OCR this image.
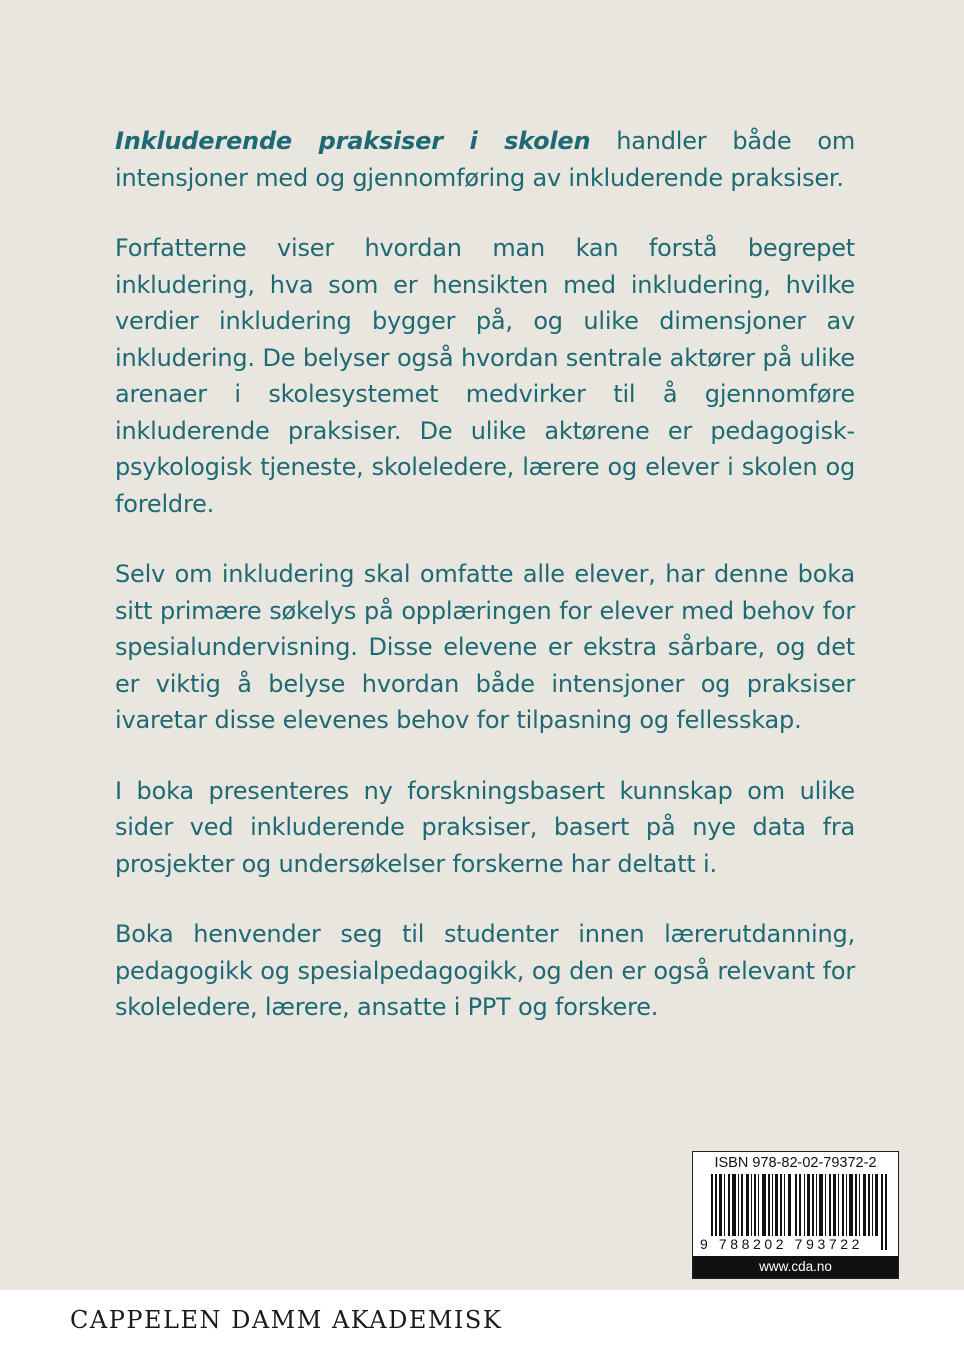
Inkluderende praksiser i skolen handler både om intensjoner med og gjennomføring av inkluderende praksiser.

Forfatterne viser hvordan man kan forstå begrepet inkludering, hva som er hensikten med inkludering, hvilke verdier inkludering bygger på, og ulike dimensjoner av inkludering. De belyser også hvordan sentrale aktører på ulike arenaer i skolesystemet medvirker til å gjennomføre inkluderende praksiser. De ulike aktørene er pedagogisk-psykologisk tjeneste, skoleledere, lærere og elever i skolen og foreldre.

Selv om inkludering skal omfatte alle elever, har denne boka sitt primære søkelys på opplæringen for elever med behov for spesialundervisning. Disse elevene er ekstra sårbare, og det er viktig å belyse hvordan både intensjoner og praksiser ivaretar disse elevenes behov for tilpasning og fellesskap.

I boka presenteres ny forskningsbasert kunnskap om ulike sider ved inkluderende praksiser, basert på nye data fra prosjekter og undersøkelser forskerne har deltatt i.

Boka henvender seg til studenter innen lærerutdanning, pedagogikk og spesialpedagogikk, og den er også relevant for skoleledere, lærere, ansatte i PPT og forskere.

ISBN 978-82-02-79372-2
9 788202 793722
www.cda.no
CAPPELEN DAMM AKADEMISK
